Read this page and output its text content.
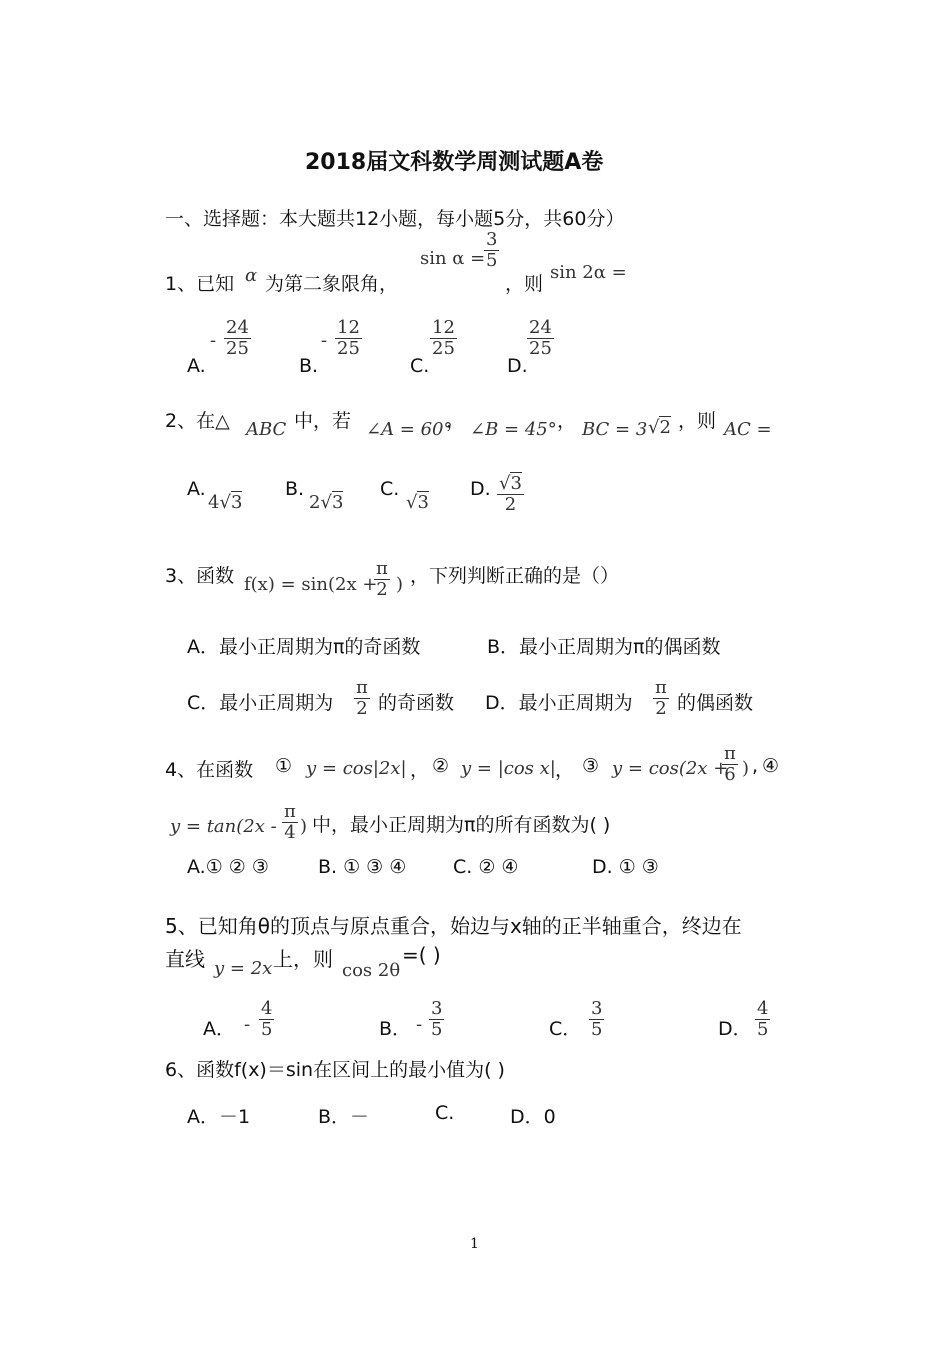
2018届文科数学周测试题A卷
一、选择题：本大题共12小题，每小题5分，共60分）
1、已知 α 为第二象限角，
sin α =
$\frac{3}{5}$
，则
sin 2α =
A.
- $\frac{24}{25}$
B.
- $\frac{12}{25}$
C.
$\frac{12}{25}$
D.
$\frac{24}{25}$
2、在△ ABC 中，若 ∠A = 60°
， ∠B = 45° ， BC = 3 √2 ，则 AC =
A.
4√3
B.
2√3
C.
√3
D. $\frac{√3}{2}$
3、函数 f(x) = sin(2x +
$\frac{\pi}{2}$ ) ，下列判断正确的是（）
A．最小正周期为π的奇函数	B．最小正周期为π的偶函数
C．最小正周期为 $\frac{\pi}{2}$ 的奇函数 D．最小正周期为 $\frac{\pi}{2}$ 的偶函数
4、在函数 ① y = cos|2x| ， ② y = |cos x| ， ③ y = cos(2x +
$\frac{\pi}{6}$ ) , ④
$y = \tan(2x - \frac{\pi}{4}$ ) 中，最小正周期为π的所有函数为( )
A.① ② ③	B. ① ③ ④ C. ② ④	D. ① ③
5、已知角θ的顶点与原点重合，始边与x轴的正半轴重合，终边在
直线 y = 2x 上，则 cos 2θ
=( )
A． - $\frac{4}{5}$	B． - $\frac{3}{5}$	C． $\frac{3}{5}$	D． $\frac{4}{5}$
6、函数f(x)＝sin在区间上的最小值为( )
A．－1	B．－	C.	D．0
1
